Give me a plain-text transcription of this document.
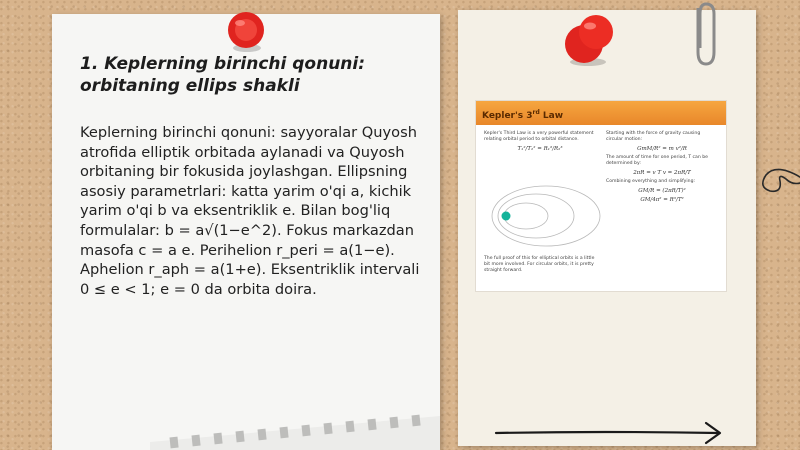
1. Keplerning birinchi qonuni: orbitaning ellips shakli

Keplerning birinchi qonuni: sayyoralar Quyosh atrofida elliptik orbitada aylanadi va Quyosh orbitaning bir fokusida joylashgan. Ellipsning asosiy parametrlari: katta yarim o'qi a, kichik yarim o'qi b va eksentriklik e. Bilan bog'liq formulalar: b = a√(1−e^2). Fokus markazdan masofa c = a e. Perihelion r_peri = a(1−e). Aphelion r_aph = a(1+e). Eksentriklik intervali 0 ≤ e < 1; e = 0 da orbita doira.

Kepler's 3rd Law
Kepler's Third Law is a very powerful statement relating orbital period to orbital distance.
T₁²/T₂² = R₁³/R₂³
The full proof of this for elliptical orbits is a little bit more involved. For circular orbits, it is pretty straight forward.
Starting with the force of gravity causing circular motion:
GmM/R² = m v²/R
The amount of time for one period, T can be determined by:
2πR = v T v = 2πR/T
Combining everything and simplifying:
GM/R = (2πR/T)²
GM/4π² = R³/T²
